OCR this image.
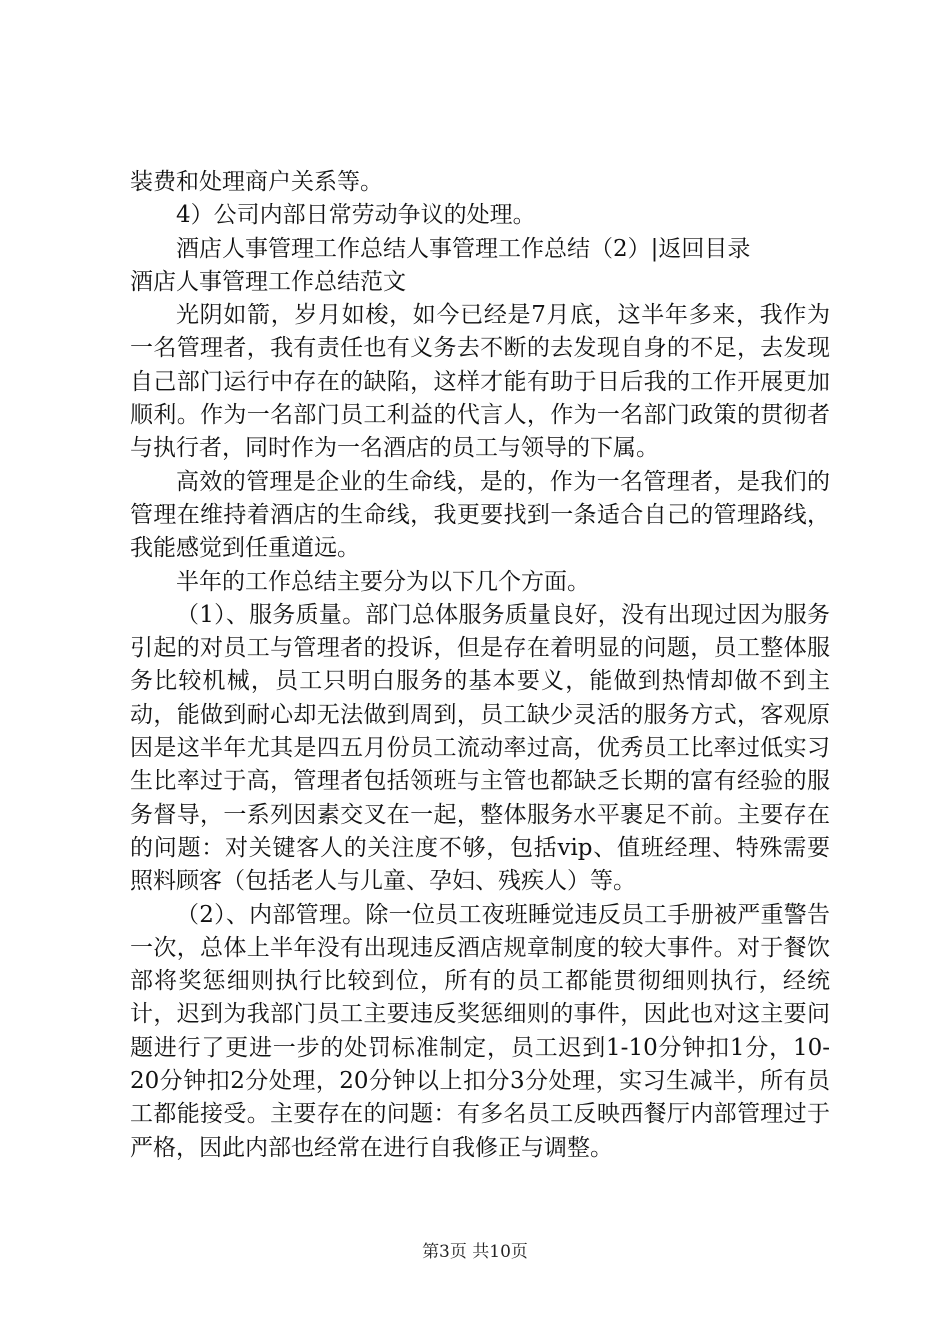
装费和处理商户关系等。

4）公司内部日常劳动争议的处理。

酒店人事管理工作总结人事管理工作总结（2）|返回目录

酒店人事管理工作总结范文

光阴如箭，岁月如梭，如今已经是7月底，这半年多来，我作为一名管理者，我有责任也有义务去不断的去发现自身的不足，去发现自己部门运行中存在的缺陷，这样才能有助于日后我的工作开展更加顺利。作为一名部门员工利益的代言人，作为一名部门政策的贯彻者与执行者，同时作为一名酒店的员工与领导的下属。

高效的管理是企业的生命线，是的，作为一名管理者，是我们的管理在维持着酒店的生命线，我更要找到一条适合自己的管理路线，我能感觉到任重道远。

半年的工作总结主要分为以下几个方面。

（1）、服务质量。部门总体服务质量良好，没有出现过因为服务引起的对员工与管理者的投诉，但是存在着明显的问题，员工整体服务比较机械，员工只明白服务的基本要义，能做到热情却做不到主动，能做到耐心却无法做到周到，员工缺少灵活的服务方式，客观原因是这半年尤其是四五月份员工流动率过高，优秀员工比率过低实习生比率过于高，管理者包括领班与主管也都缺乏长期的富有经验的服务督导，一系列因素交叉在一起，整体服务水平裹足不前。主要存在的问题：对关键客人的关注度不够，包括vip、值班经理、特殊需要照料顾客（包括老人与儿童、孕妇、残疾人）等。

（2）、内部管理。除一位员工夜班睡觉违反员工手册被严重警告一次，总体上半年没有出现违反酒店规章制度的较大事件。对于餐饮部将奖惩细则执行比较到位，所有的员工都能贯彻细则执行，经统计，迟到为我部门员工主要违反奖惩细则的事件，因此也对这主要问题进行了更进一步的处罚标准制定，员工迟到1-10分钟扣1分，10-20分钟扣2分处理，20分钟以上扣分3分处理，实习生减半，所有员工都能接受。主要存在的问题：有多名员工反映西餐厅内部管理过于严格，因此内部也经常在进行自我修正与调整。

第3页 共10页
